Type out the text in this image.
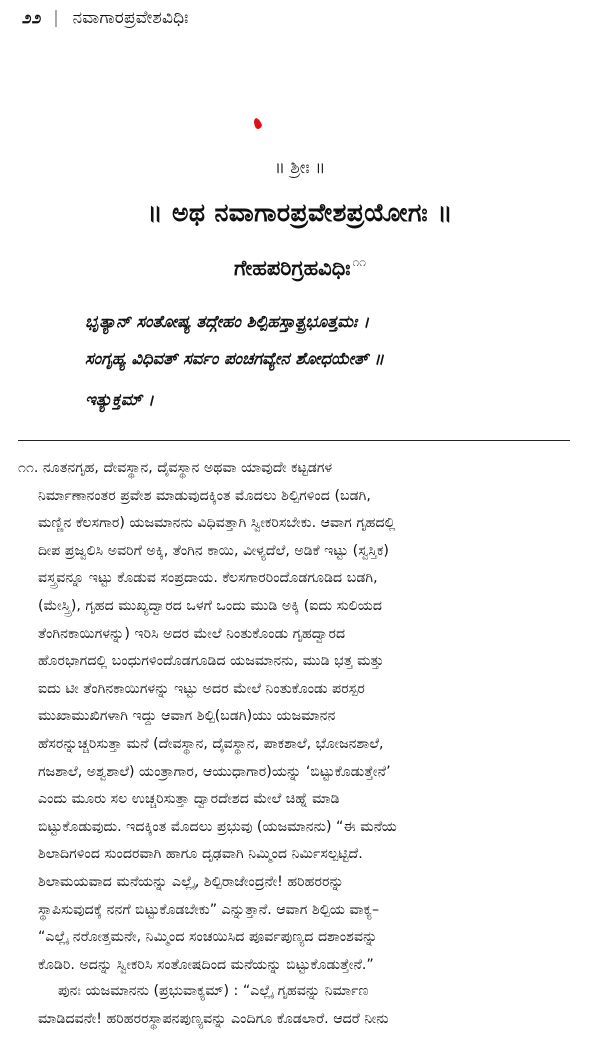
೨೨ | ನವಾಗಾರಪ್ರವೇಶವಿಧಿಃ
॥ ಶ್ರೀಃ ॥
॥ ಅಥ ನವಾಗಾರಪ್ರವೇಶಪ್ರಯೋಗಃ ॥
ಗೇಹಪರಿಗ್ರಹವಿಧಿಃ $^{೧೧}$
ಭೃತ್ಯಾನ್ ಸಂತೋಷ್ಯ ತದ್ಗೇಹಂ ಶಿಲ್ಪಿಹಸ್ತಾತ್ಪ್ರಭೂತ್ತಮಃ ।
ಸಂಗೃಹ್ಯ ವಿಧಿವತ್ ಸರ್ವಂ ಪಂಚಗವ್ಯೇನ ಶೋಧಯೇತ್ ॥
ಇತ್ಯುಕ್ತಮ್ ।
೧೧. ನೂತನಗೃಹ, ದೇವಸ್ಥಾನ, ದೈವಸ್ಥಾನ ಅಥವಾ ಯಾವುದೇ ಕಟ್ಟಡಗಳ
ನಿರ್ಮಾಣಾನಂತರ ಪ್ರವೇಶ ಮಾಡುವುದಕ್ಕಿಂತ ಮೊದಲು ಶಿಲ್ಪಿಗಳಿಂದ (ಬಡಗಿ,
ಮಣ್ಣಿನ ಕೆಲಸಗಾರ) ಯಜಮಾನನು ವಿಧಿವತ್ತಾಗಿ ಸ್ವೀಕರಿಸಬೇಕು. ಆವಾಗ ಗೃಹದಲ್ಲಿ
ದೀಪ ಪ್ರಜ್ವಲಿಸಿ ಅವರಿಗೆ ಅಕ್ಕಿ, ತೆಂಗಿನ ಕಾಯಿ, ವೀಳ್ಯದೆಲೆ, ಅಡಿಕೆ ಇಟ್ಟು (ಸ್ವಸ್ತಿಕ)
ವಸ್ತ್ರವನ್ನೂ ಇಟ್ಟು ಕೊಡುವ ಸಂಪ್ರದಾಯ. ಕೆಲಸಗಾರರಿಂದೊಡಗೂಡಿದ ಬಡಗಿ,
(ಮೇಸ್ತ್ರಿ), ಗೃಹದ ಮುಖ್ಯದ್ವಾರದ ಒಳಗೆ ಒಂದು ಮುಡಿ ಅಕ್ಕಿ (ಐದು ಸುಲಿಯದ
ತೆಂಗಿನಕಾಯಿಗಳನ್ನು) ಇರಿಸಿ ಅದರ ಮೇಲೆ ನಿಂತುಕೊಂಡು ಗೃಹದ್ವಾರದ
ಹೊರಭಾಗದಲ್ಲಿ ಬಂಧುಗಳಿಂದೊಡಗೂಡಿದ ಯಜಮಾನನು, ಮುಡಿ ಭತ್ತ ಮತ್ತು
ಐದು ಟೀ ತೆಂಗಿನಕಾಯಿಗಳನ್ನು ಇಟ್ಟು ಅದರ ಮೇಲೆ ನಿಂತುಕೊಂಡು ಪರಸ್ಪರ
ಮುಖಾಮುಖಿಗಳಾಗಿ ಇದ್ದು ಆವಾಗ ಶಿಲ್ಪಿ(ಬಡಗಿ)ಯು ಯಜಮಾನನ
ಹೆಸರನ್ನುಚ್ಚರಿಸುತ್ತಾ ಮನೆ (ದೇವಸ್ಥಾನ, ದೈವಸ್ಥಾನ, ಪಾಕಶಾಲೆ, ಭೋಜನಶಾಲೆ,
ಗಜಶಾಲೆ, ಅಶ್ವಶಾಲೆ) ಯಂತ್ರಾಗಾರ, ಆಯುಧಾಗಾರ)ಯನ್ನು ‘ಬಿಟ್ಟುಕೊಡುತ್ತೇನೆ’
ಎಂದು ಮೂರು ಸಲ ಉಚ್ಚರಿಸುತ್ತಾ ದ್ವಾರದೇಶದ ಮೇಲೆ ಚಿಹ್ನೆ ಮಾಡಿ
ಬಿಟ್ಟುಕೊಡುವುದು. ಇದಕ್ಕಿಂತ ಮೊದಲು ಪ್ರಭುವು (ಯಜಮಾನನು) “ಈ ಮನೆಯ
ಶಿಲಾದಿಗಳಿಂದ ಸುಂದರವಾಗಿ ಹಾಗೂ ದೃಢವಾಗಿ ನಿಮ್ಮಿಂದ ನಿರ್ಮಿಸಲ್ಪಟ್ಟಿದೆ.
ಶಿಲಾಮಯವಾದ ಮನೆಯನ್ನು ಎಲ್ಲೈ, ಶಿಲ್ಪಿರಾಜೇಂದ್ರನೇ! ಹರಿಹರರನ್ನು
ಸ್ಥಾಪಿಸುವುದಕ್ಕೆ ನನಗೆ ಬಿಟ್ಟುಕೊಡಬೇಕು” ಎನ್ನುತ್ತಾನೆ. ಆವಾಗ ಶಿಲ್ಪಿಯ ವಾಕ್ಯ–
“ಎಲ್ಲೈ ನರೋತ್ತಮನೇ, ನಿಮ್ಮಿಂದ ಸಂಚಯಿಸಿದ ಪೂರ್ವಪುಣ್ಯದ ದಶಾಂಶವನ್ನು
ಕೊಡಿರಿ. ಅದನ್ನು ಸ್ವೀಕರಿಸಿ ಸಂತೋಷದಿಂದ ಮನೆಯನ್ನು ಬಿಟ್ಟುಕೊಡುತ್ತೇನೆ.”
ಪುನಃ ಯಜಮಾನನು (ಪ್ರಭುವಾಕ್ಯಮ್) : “ಎಲ್ಲೈ ಗೃಹವನ್ನು ನಿರ್ಮಾಣ
ಮಾಡಿದವನೇ! ಹರಿಹರರಸ್ಥಾಪನಪುಣ್ಯವನ್ನು ಎಂದಿಗೂ ಕೊಡಲಾರೆ. ಆದರೆ ನೀನು
